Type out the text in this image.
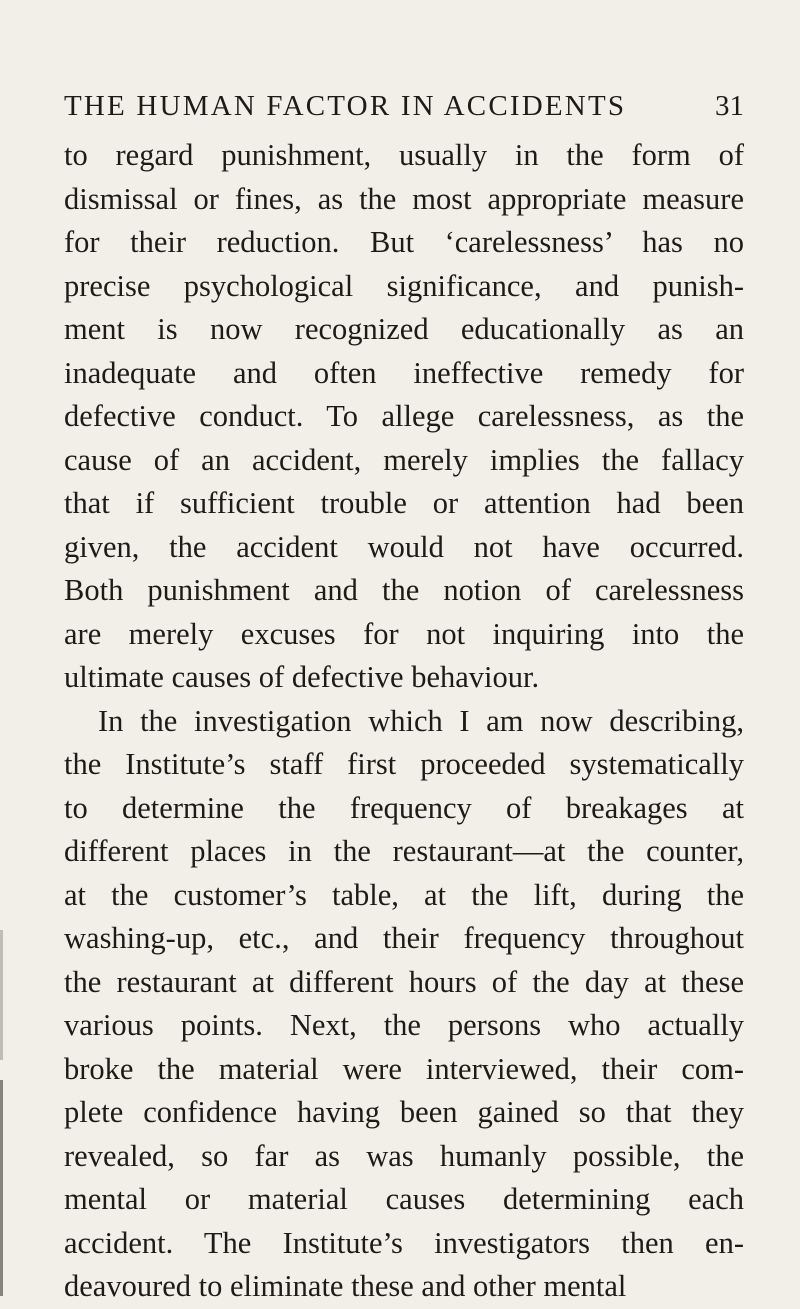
THE HUMAN FACTOR IN ACCIDENTS	31
to regard punishment, usually in the form of
dismissal or fines, as the most appropriate measure
for their reduction. But ‘carelessness’ has no
precise psychological significance, and punish-
ment is now recognized educationally as an
inadequate and often ineffective remedy for
defective conduct. To allege carelessness, as the
cause of an accident, merely implies the fallacy
that if sufficient trouble or attention had been
given, the accident would not have occurred.
Both punishment and the notion of carelessness
are merely excuses for not inquiring into the
ultimate causes of defective behaviour.
In the investigation which I am now describing,
the Institute’s staff first proceeded systematically
to determine the frequency of breakages at
different places in the restaurant—at the counter,
at the customer’s table, at the lift, during the
washing-up, etc., and their frequency throughout
the restaurant at different hours of the day at these
various points. Next, the persons who actually
broke the material were interviewed, their com-
plete confidence having been gained so that they
revealed, so far as was humanly possible, the
mental or material causes determining each
accident. The Institute’s investigators then en-
deavoured to eliminate these and other mental
